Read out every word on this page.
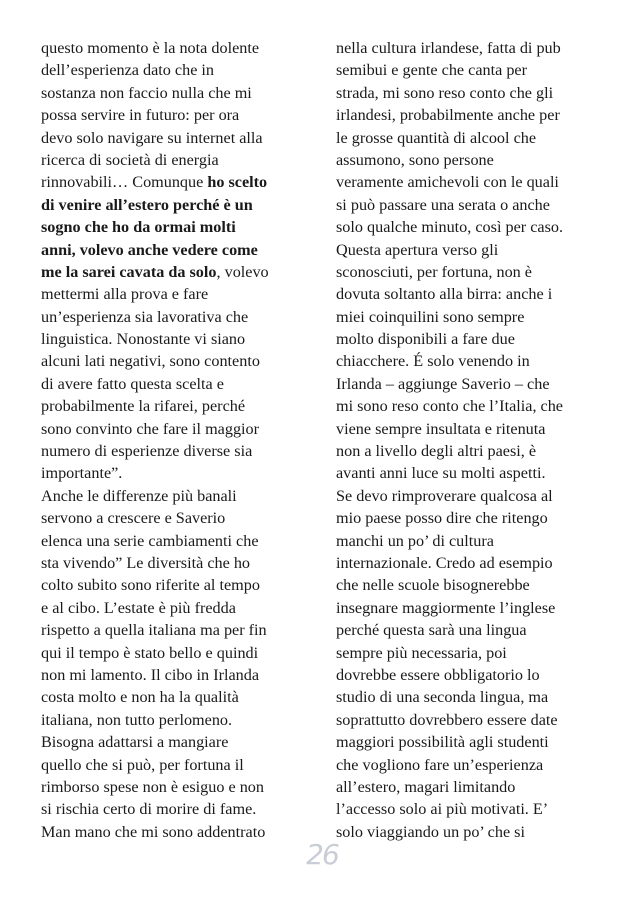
questo momento è la nota dolente
dell’esperienza dato che in
sostanza non faccio nulla che mi
possa servire in futuro: per ora
devo solo navigare su internet alla
ricerca di società di energia
rinnovabili… Comunque ho scelto
di venire all’estero perché è un
sogno che ho da ormai molti
anni, volevo anche vedere come
me la sarei cavata da solo, volevo
mettermi alla prova e fare
un’esperienza sia lavorativa che
linguistica. Nonostante vi siano
alcuni lati negativi, sono contento
di avere fatto questa scelta e
probabilmente la rifarei, perché
sono convinto che fare il maggior
numero di esperienze diverse sia
importante”.
Anche le differenze più banali
servono a crescere e Saverio
elenca una serie cambiamenti che
sta vivendo” Le diversità che ho
colto subito sono riferite al tempo
e al cibo. L’estate è più fredda
rispetto a quella italiana ma per fin
qui il tempo è stato bello e quindi
non mi lamento. Il cibo in Irlanda
costa molto e non ha la qualità
italiana, non tutto perlomeno.
Bisogna adattarsi a mangiare
quello che si può, per fortuna il
rimborso spese non è esiguo e non
si rischia certo di morire di fame.
Man mano che mi sono addentrato
nella cultura irlandese, fatta di pub
semibui e gente che canta per
strada, mi sono reso conto che gli
irlandesi, probabilmente anche per
le grosse quantità di alcool che
assumono, sono persone
veramente amichevoli con le quali
si può passare una serata o anche
solo qualche minuto, così per caso.
Questa apertura verso gli
sconosciuti, per fortuna, non è
dovuta soltanto alla birra: anche i
miei coinquilini sono sempre
molto disponibili a fare due
chiacchere. É solo venendo in
Irlanda – aggiunge Saverio – che
mi sono reso conto che l’Italia, che
viene sempre insultata e ritenuta
non a livello degli altri paesi, è
avanti anni luce su molti aspetti.
Se devo rimproverare qualcosa al
mio paese posso dire che ritengo
manchi un po’ di cultura
internazionale. Credo ad esempio
che nelle scuole bisognerebbe
insegnare maggiormente l’inglese
perché questa sarà una lingua
sempre più necessaria, poi
dovrebbe essere obbligatorio lo
studio di una seconda lingua, ma
soprattutto dovrebbero essere date
maggiori possibilità agli studenti
che vogliono fare un’esperienza
all’estero, magari limitando
l’accesso solo ai più motivati. E’
solo viaggiando un po’ che si
26
